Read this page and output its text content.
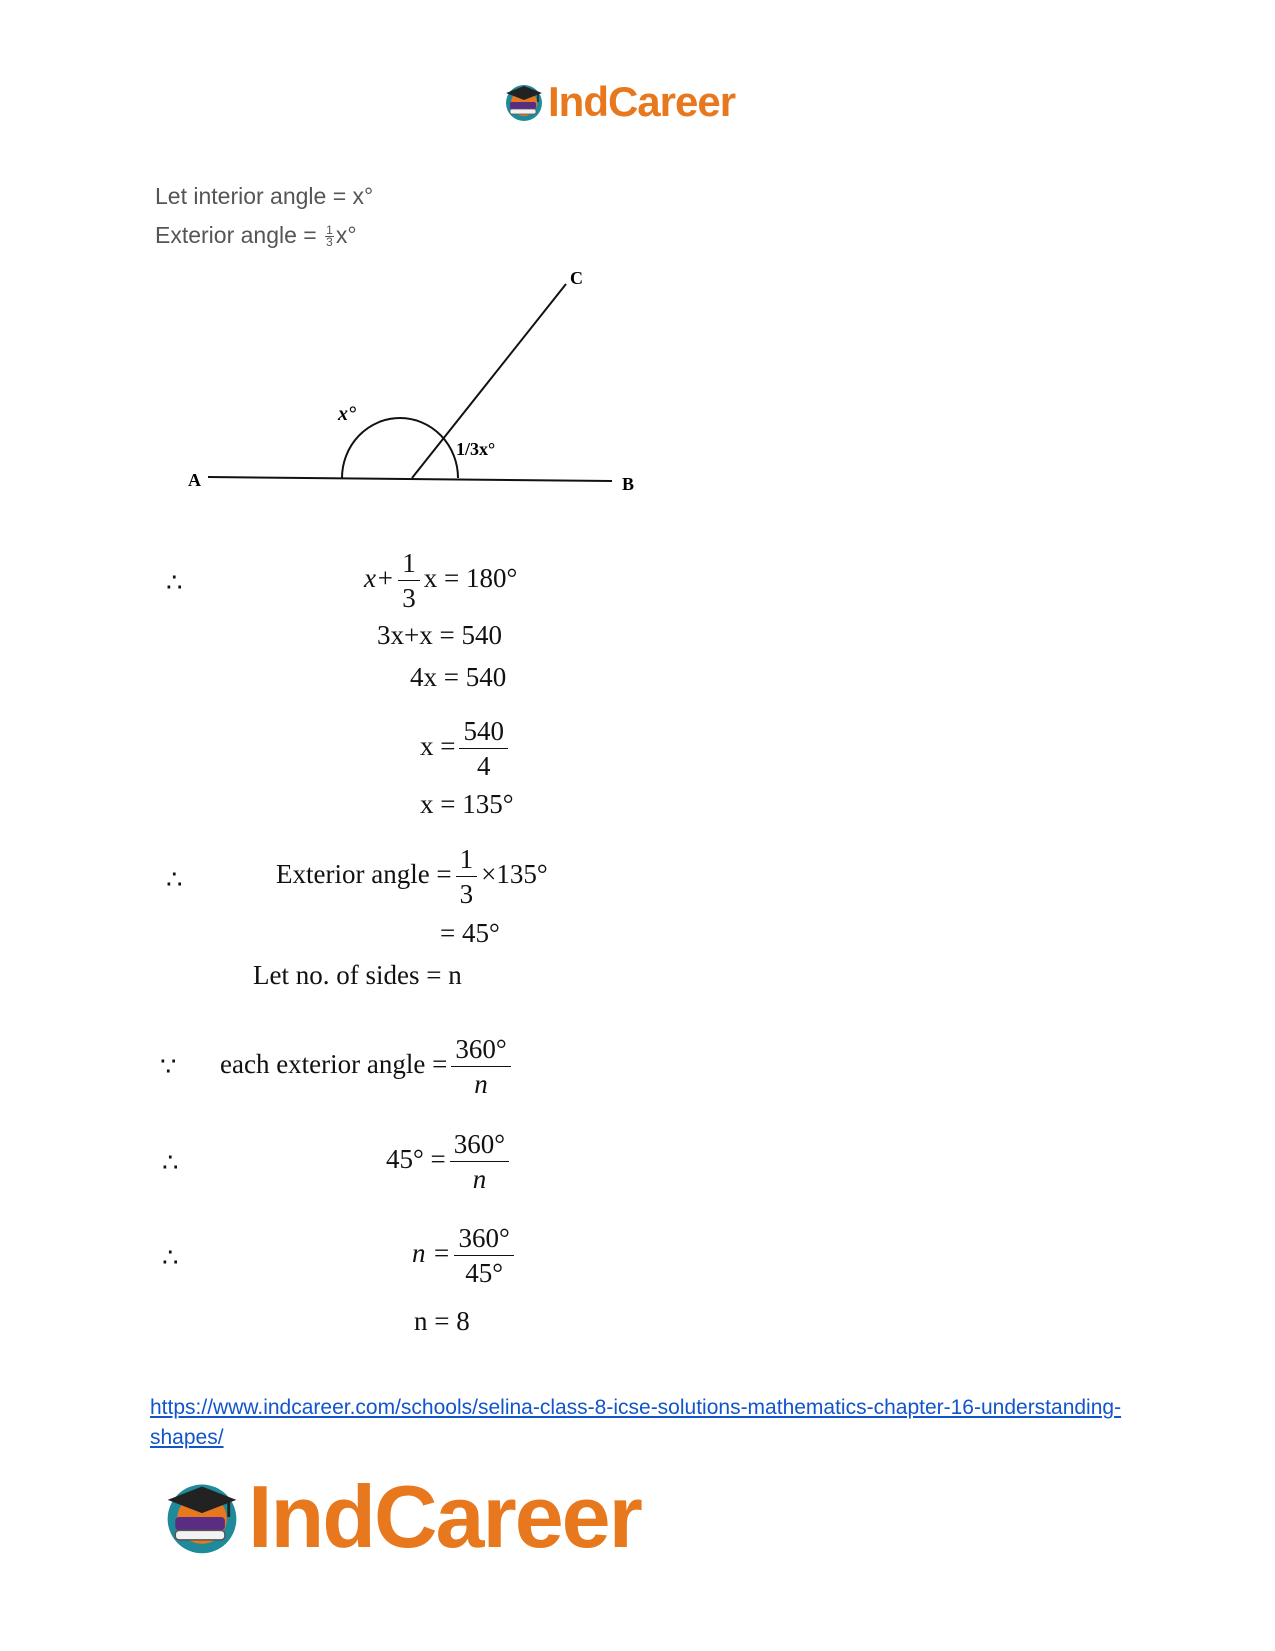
IndCareer
Let interior angle = x°
Exterior angle = $\frac{1}{3} x^\circ$
A	B
C
x°
1/3x°
∴	$x+ \frac{1}{3}$ x = 180°
3x+x = 540
4x = 540
$x = \frac{540}{4}$
x = 135°
∴	Exterior angle = $\frac{1}{3} \times 135^\circ$
= 45°
Let no. of sides = n
∵ each exterior angle = $\frac{360^\circ}{n}$
∴	$45^\circ = \frac{360^\circ}{n}$
∴	$n = \frac{360^\circ}{45^\circ}$
n = 8
https://www.indcareer.com/schools/selina-class-8-icse-solutions-mathematics-chapter-16-understanding-shapes/
IndCareer
